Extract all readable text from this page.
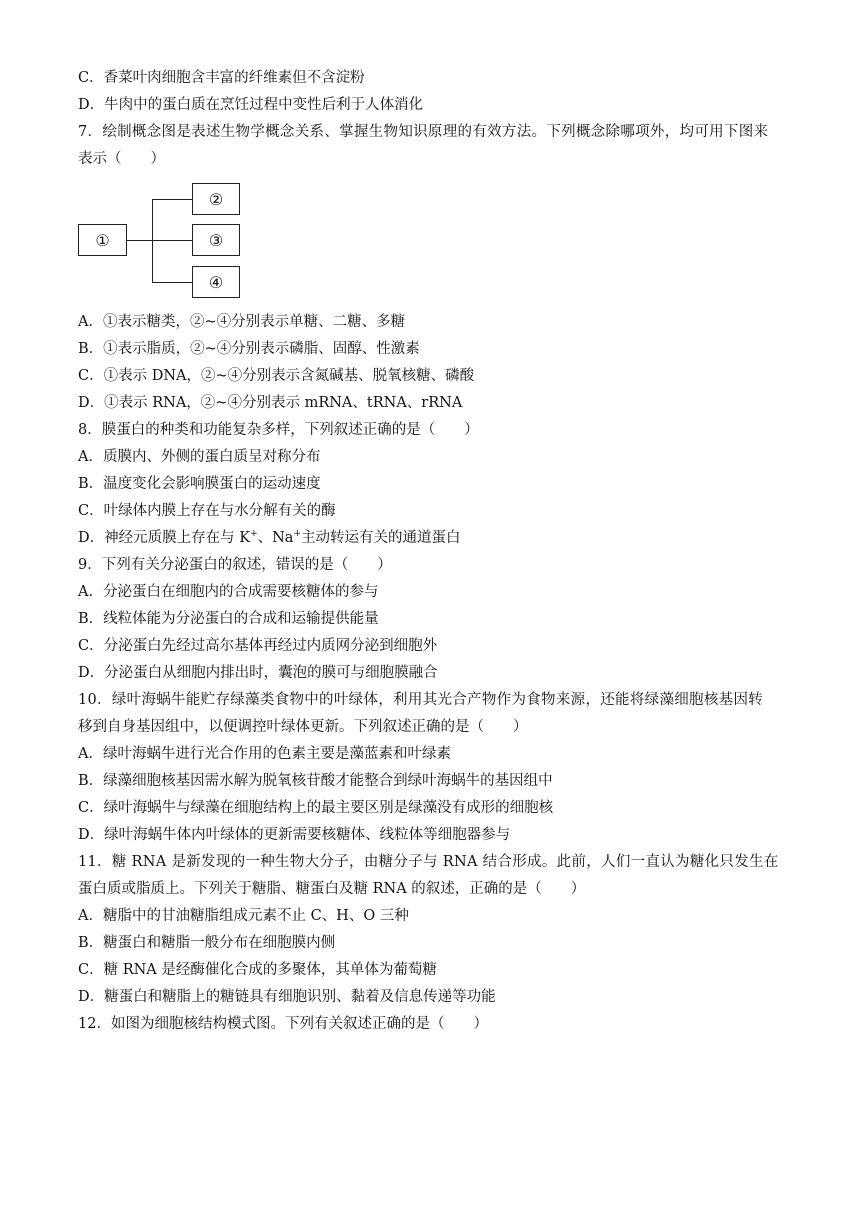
C．香菜叶肉细胞含丰富的纤维素但不含淀粉
D．牛肉中的蛋白质在烹饪过程中变性后利于人体消化
7．绘制概念图是表述生物学概念关系、掌握生物知识原理的有效方法。下列概念除哪项外，均可用下图来
表示（　　）
①
②
③
④
A．①表示糖类，②~④分别表示单糖、二糖、多糖
B．①表示脂质，②~④分别表示磷脂、固醇、性激素
C．①表示 DNA，②~④分别表示含氮碱基、脱氧核糖、磷酸
D．①表示 RNA，②~④分别表示 mRNA、tRNA、rRNA
8．膜蛋白的种类和功能复杂多样，下列叙述正确的是（　　）
A．质膜内、外侧的蛋白质呈对称分布
B．温度变化会影响膜蛋白的运动速度
C．叶绿体内膜上存在与水分解有关的酶
D．神经元质膜上存在与 K+、Na+主动转运有关的通道蛋白
9．下列有关分泌蛋白的叙述，错误的是（　　）
A．分泌蛋白在细胞内的合成需要核糖体的参与
B．线粒体能为分泌蛋白的合成和运输提供能量
C．分泌蛋白先经过高尔基体再经过内质网分泌到细胞外
D．分泌蛋白从细胞内排出时，囊泡的膜可与细胞膜融合
10．绿叶海蜗牛能贮存绿藻类食物中的叶绿体，利用其光合产物作为食物来源，还能将绿藻细胞核基因转
移到自身基因组中，以便调控叶绿体更新。下列叙述正确的是（　　）
A．绿叶海蜗牛进行光合作用的色素主要是藻蓝素和叶绿素
B．绿藻细胞核基因需水解为脱氧核苷酸才能整合到绿叶海蜗牛的基因组中
C．绿叶海蜗牛与绿藻在细胞结构上的最主要区别是绿藻没有成形的细胞核
D．绿叶海蜗牛体内叶绿体的更新需要核糖体、线粒体等细胞器参与
11．糖 RNA 是新发现的一种生物大分子，由糖分子与 RNA 结合形成。此前，人们一直认为糖化只发生在
蛋白质或脂质上。下列关于糖脂、糖蛋白及糖 RNA 的叙述，正确的是（　　）
A．糖脂中的甘油糖脂组成元素不止 C、H、O 三种
B．糖蛋白和糖脂一般分布在细胞膜内侧
C．糖 RNA 是经酶催化合成的多聚体，其单体为葡萄糖
D．糖蛋白和糖脂上的糖链具有细胞识别、黏着及信息传递等功能
12．如图为细胞核结构模式图。下列有关叙述正确的是（　　）
